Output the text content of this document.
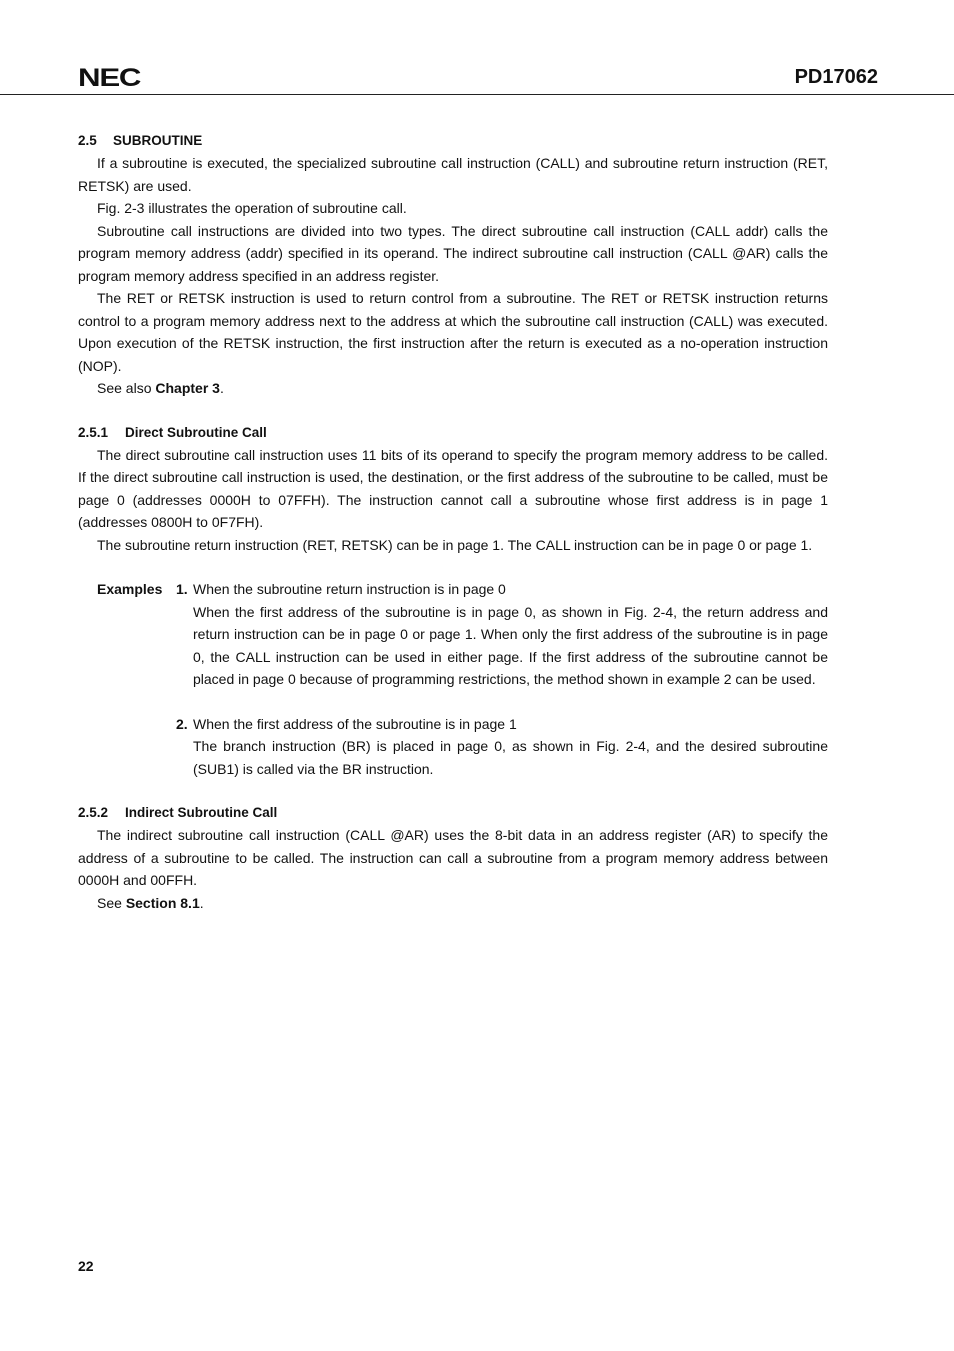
NEC	PD17062
2.5 SUBROUTINE

If a subroutine is executed, the specialized subroutine call instruction (CALL) and subroutine return instruction (RET, RETSK) are used.

Fig. 2-3 illustrates the operation of subroutine call.

Subroutine call instructions are divided into two types. The direct subroutine call instruction (CALL addr) calls the program memory address (addr) specified in its operand. The indirect subroutine call instruction (CALL @AR) calls the program memory address specified in an address register.

The RET or RETSK instruction is used to return control from a subroutine. The RET or RETSK instruction returns control to a program memory address next to the address at which the subroutine call instruction (CALL) was executed. Upon execution of the RETSK instruction, the first instruction after the return is executed as a no-operation instruction (NOP).

See also Chapter 3.

2.5.1 Direct Subroutine Call

The direct subroutine call instruction uses 11 bits of its operand to specify the program memory address to be called. If the direct subroutine call instruction is used, the destination, or the first address of the subroutine to be called, must be page 0 (addresses 0000H to 07FFH). The instruction cannot call a subroutine whose first address is in page 1 (addresses 0800H to 0F7FH).

The subroutine return instruction (RET, RETSK) can be in page 1. The CALL instruction can be in page 0 or page 1.

Examples 1. When the subroutine return instruction is in page 0

When the first address of the subroutine is in page 0, as shown in Fig. 2-4, the return address and return instruction can be in page 0 or page 1. When only the first address of the subroutine is in page 0, the CALL instruction can be used in either page. If the first address of the subroutine cannot be placed in page 0 because of programming restrictions, the method shown in example 2 can be used.

2. When the first address of the subroutine is in page 1

The branch instruction (BR) is placed in page 0, as shown in Fig. 2-4, and the desired subroutine (SUB1) is called via the BR instruction.

2.5.2 Indirect Subroutine Call

The indirect subroutine call instruction (CALL @AR) uses the 8-bit data in an address register (AR) to specify the address of a subroutine to be called. The instruction can call a subroutine from a program memory address between 0000H and 00FFH.

See Section 8.1.

22
